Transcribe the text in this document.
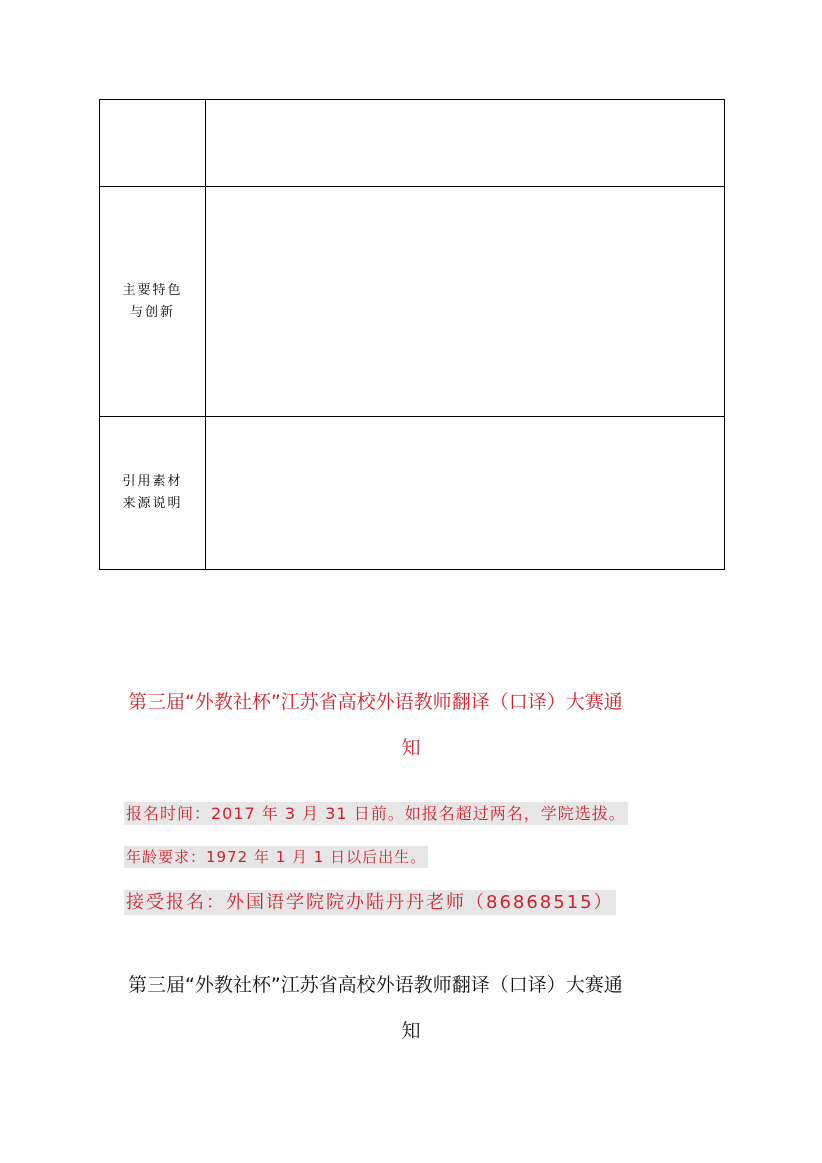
主要特色
与创新	

引用素材
来源说明	

第三届“外教社杯”江苏省高校外语教师翻译（口译）大赛通
知
报名时间：2017 年 3 月 31 日前。如报名超过两名，学院选拔。
年龄要求：1972 年 1 月 1 日以后出生。
接受报名：外国语学院院办陆丹丹老师（86868515）
第三届“外教社杯”江苏省高校外语教师翻译（口译）大赛通
知
